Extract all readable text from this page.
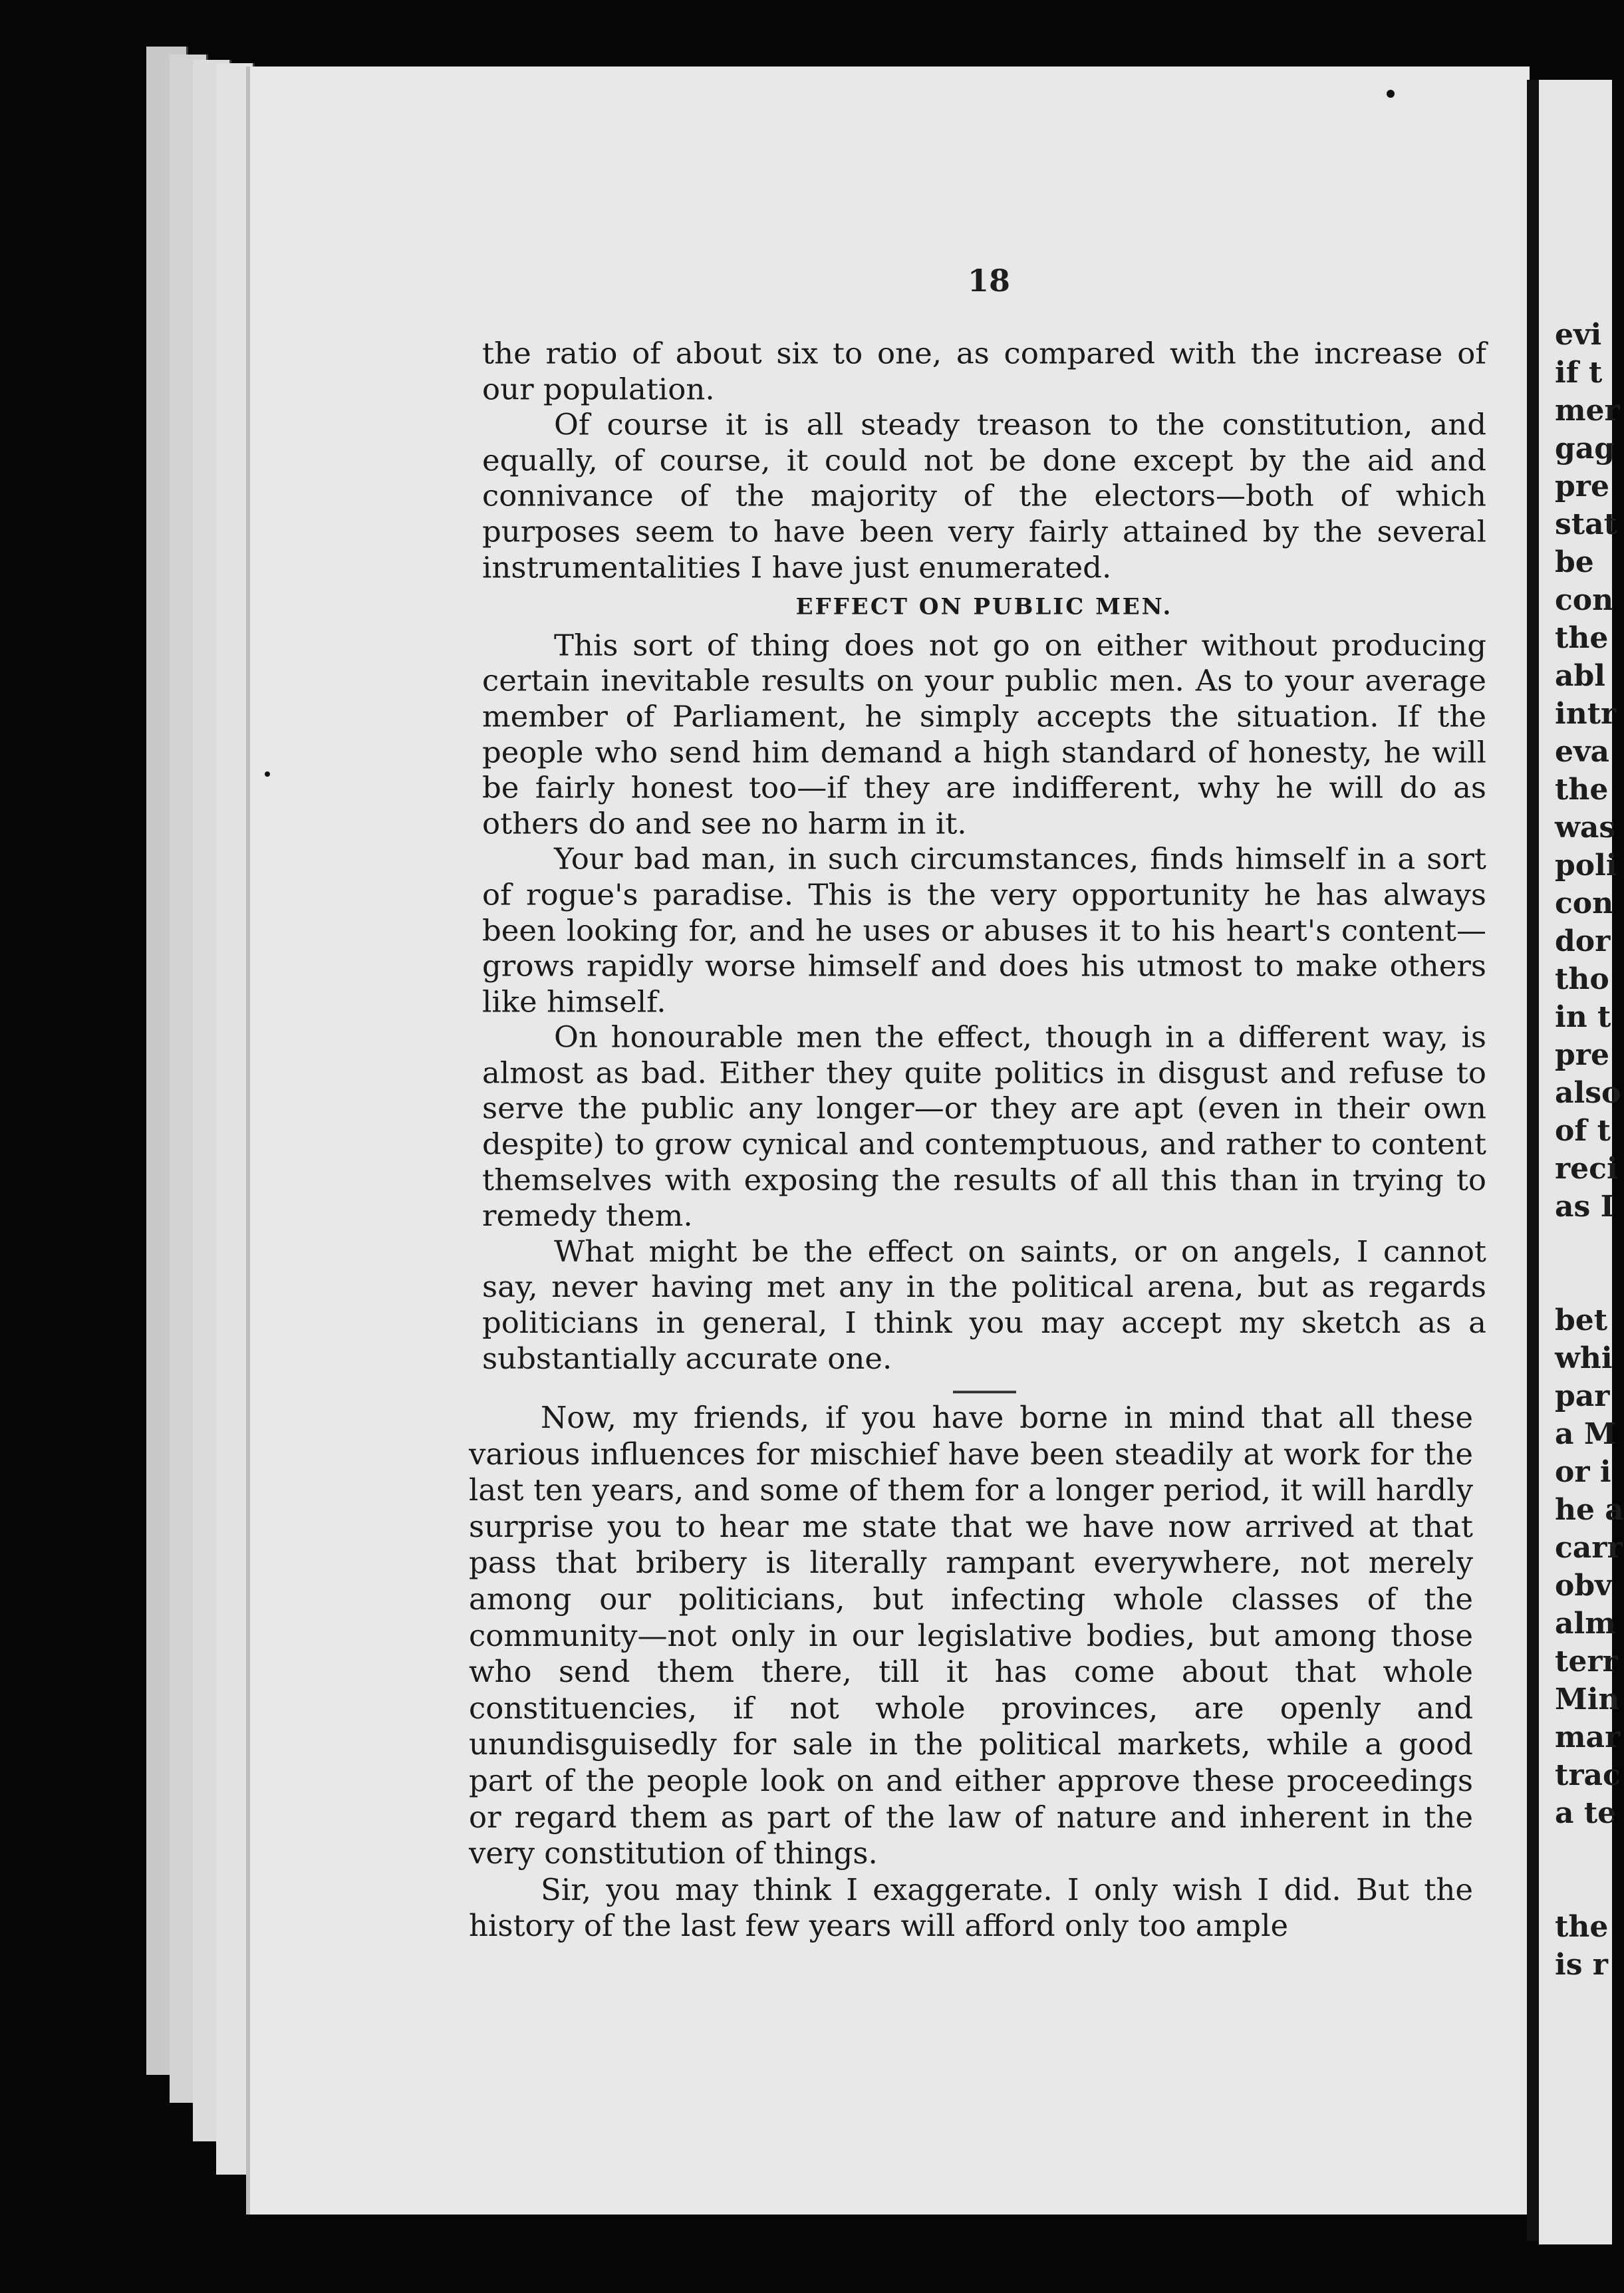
18

the ratio of about six to one, as compared with the increase of our population.

Of course it is all steady treason to the constitution, and equally, of course, it could not be done except by the aid and connivance of the majority of the electors—both of which purposes seem to have been very fairly attained by the several instrumentalities I have just enumerated.

EFFECT ON PUBLIC MEN.

This sort of thing does not go on either without producing certain inevitable results on your public men. As to your average member of Parliament, he simply accepts the situation. If the people who send him demand a high standard of honesty, he will be fairly honest too—if they are indifferent, why he will do as others do and see no harm in it.

Your bad man, in such circumstances, finds himself in a sort of rogue's paradise. This is the very opportunity he has always been looking for, and he uses or abuses it to his heart's content—grows rapidly worse himself and does his utmost to make others like himself.

On honourable men the effect, though in a different way, is almost as bad. Either they quite politics in disgust and refuse to serve the public any longer—or they are apt (even in their own despite) to grow cynical and contemptuous, and rather to content themselves with exposing the results of all this than in trying to remedy them.

What might be the effect on saints, or on angels, I cannot say, never having met any in the political arena, but as regards politicians in general, I think you may accept my sketch as a substantially accurate one.

Now, my friends, if you have borne in mind that all these various influences for mischief have been steadily at work for the last ten years, and some of them for a longer period, it will hardly surprise you to hear me state that we have now arrived at that pass that bribery is literally rampant everywhere, not merely among our politicians, but infecting whole classes of the community—not only in our legislative bodies, but among those who send them there, till it has come about that whole constituencies, if not whole provinces, are openly and unundisguisedly for sale in the political markets, while a good part of the people look on and either approve these proceedings or regard them as part of the law of nature and inherent in the very constitution of things.

Sir, you may think I exaggerate. I only wish I did. But the history of the last few years will afford only too ample

evi
if t
mer
gag
pre
stat
be
con
the
abl
intr
eva
the
was
poli
con
dor
tho
in t
pre
also
of t
reci
as I
bet
whi
par
a M
or i
he a
carr
obv
alm
terr
Min
mar
trac
a te
the
is r
